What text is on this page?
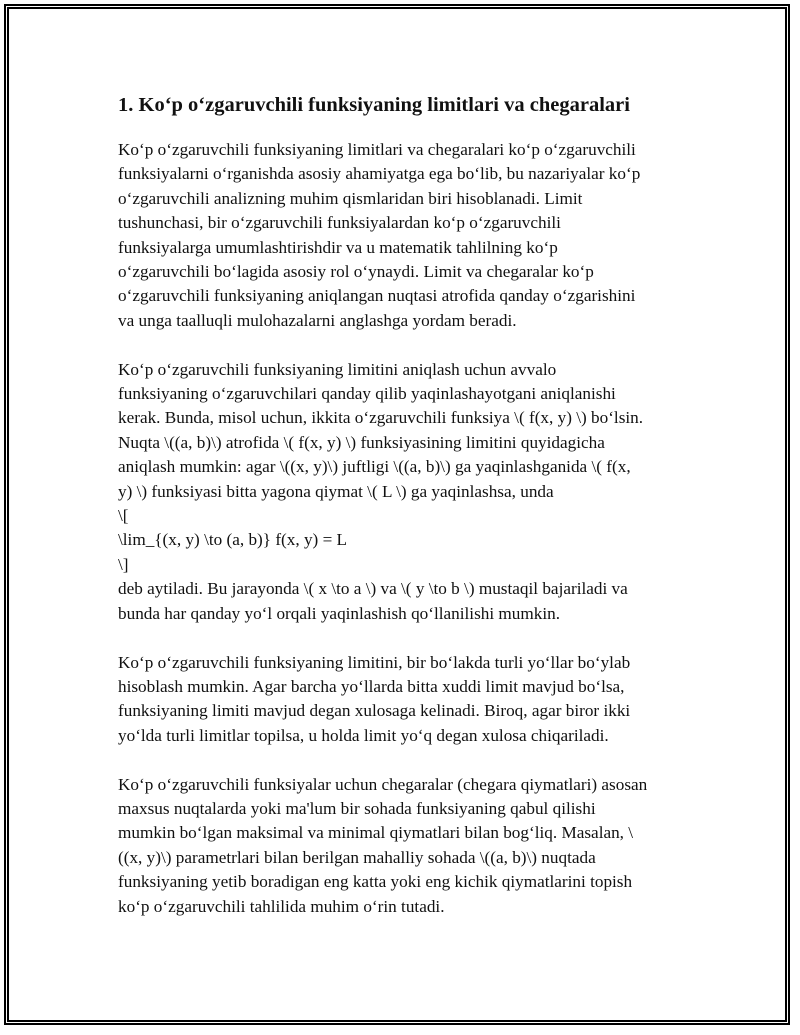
1. Ko‘p o‘zgaruvchili funksiyaning limitlari va chegaralari

Ko‘p o‘zgaruvchili funksiyaning limitlari va chegaralari ko‘p o‘zgaruvchili
funksiyalarni o‘rganishda asosiy ahamiyatga ega bo‘lib, bu nazariyalar ko‘p
o‘zgaruvchili analizning muhim qismlaridan biri hisoblanadi. Limit
tushunchasi, bir o‘zgaruvchili funksiyalardan ko‘p o‘zgaruvchili
funksiyalarga umumlashtirishdir va u matematik tahlilning ko‘p
o‘zgaruvchili bo‘lagida asosiy rol o‘ynaydi. Limit va chegaralar ko‘p
o‘zgaruvchili funksiyaning aniqlangan nuqtasi atrofida qanday o‘zgarishini
va unga taalluqli mulohazalarni anglashga yordam beradi.

Ko‘p o‘zgaruvchili funksiyaning limitini aniqlash uchun avvalo
funksiyaning o‘zgaruvchilari qanday qilib yaqinlashayotgani aniqlanishi
kerak. Bunda, misol uchun, ikkita o‘zgaruvchili funksiya \( f(x, y) \) bo‘lsin.
Nuqta \((a, b)\) atrofida \( f(x, y) \) funksiyasining limitini quyidagicha
aniqlash mumkin: agar \((x, y)\) juftligi \((a, b)\) ga yaqinlashganida \( f(x,
y) \) funksiyasi bitta yagona qiymat \( L \) ga yaqinlashsa, unda
\[
\lim_{(x, y) \to (a, b)} f(x, y) = L
\]
deb aytiladi. Bu jarayonda \( x \to a \) va \( y \to b \) mustaqil bajariladi va
bunda har qanday yo‘l orqali yaqinlashish qo‘llanilishi mumkin.

Ko‘p o‘zgaruvchili funksiyaning limitini, bir bo‘lakda turli yo‘llar bo‘ylab
hisoblash mumkin. Agar barcha yo‘llarda bitta xuddi limit mavjud bo‘lsa,
funksiyaning limiti mavjud degan xulosaga kelinadi. Biroq, agar biror ikki
yo‘lda turli limitlar topilsa, u holda limit yo‘q degan xulosa chiqariladi.

Ko‘p o‘zgaruvchili funksiyalar uchun chegaralar (chegara qiymatlari) asosan
maxsus nuqtalarda yoki ma'lum bir sohada funksiyaning qabul qilishi
mumkin bo‘lgan maksimal va minimal qiymatlari bilan bog‘liq. Masalan, \
((x, y)\) parametrlari bilan berilgan mahalliy sohada \((a, b)\) nuqtada
funksiyaning yetib boradigan eng katta yoki eng kichik qiymatlarini topish
ko‘p o‘zgaruvchili tahlilida muhim o‘rin tutadi.
